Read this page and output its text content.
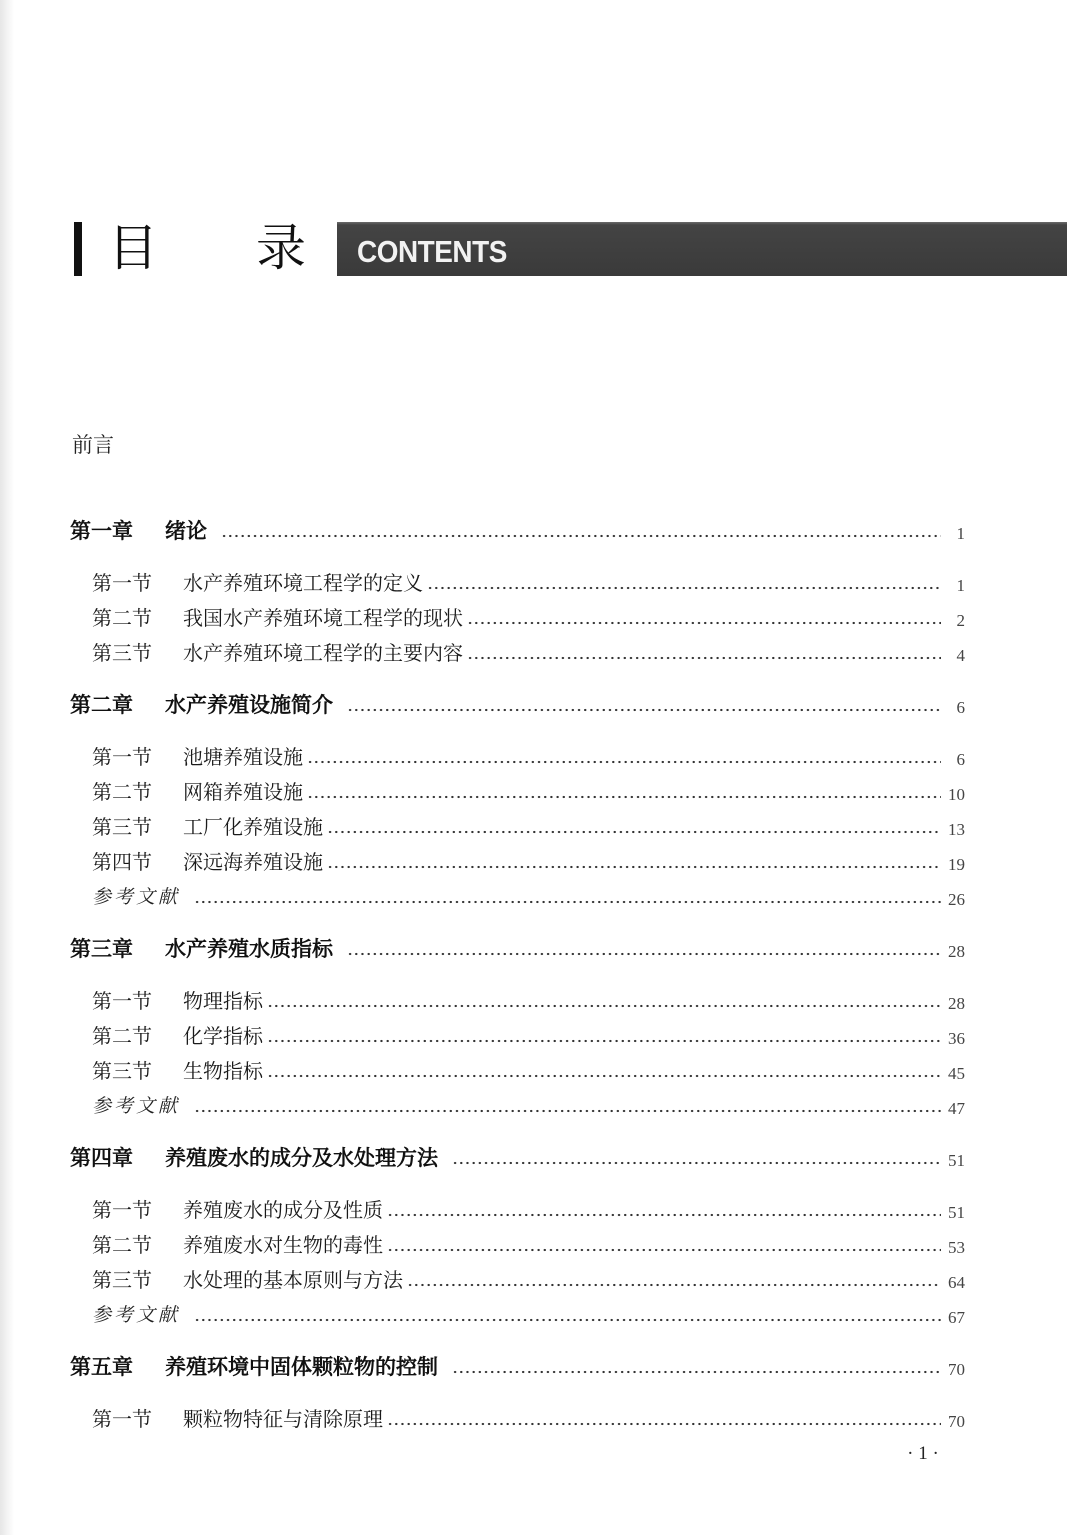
目 录 CONTENTS
前言
第一章	绪论	1
第一节	水产养殖环境工程学的定义	1
第二节	我国水产养殖环境工程学的现状	2
第三节	水产养殖环境工程学的主要内容	4
第二章	水产养殖设施简介	6
第一节	池塘养殖设施	6
第二节	网箱养殖设施	10
第三节	工厂化养殖设施	13
第四节	深远海养殖设施	19
参考文献	26
第三章	水产养殖水质指标	28
第一节	物理指标	28
第二节	化学指标	36
第三节	生物指标	45
参考文献	47
第四章	养殖废水的成分及水处理方法	51
第一节	养殖废水的成分及性质	51
第二节	养殖废水对生物的毒性	53
第三节	水处理的基本原则与方法	64
参考文献	67
第五章	养殖环境中固体颗粒物的控制	70
第一节	颗粒物特征与清除原理	70
· 1 ·
